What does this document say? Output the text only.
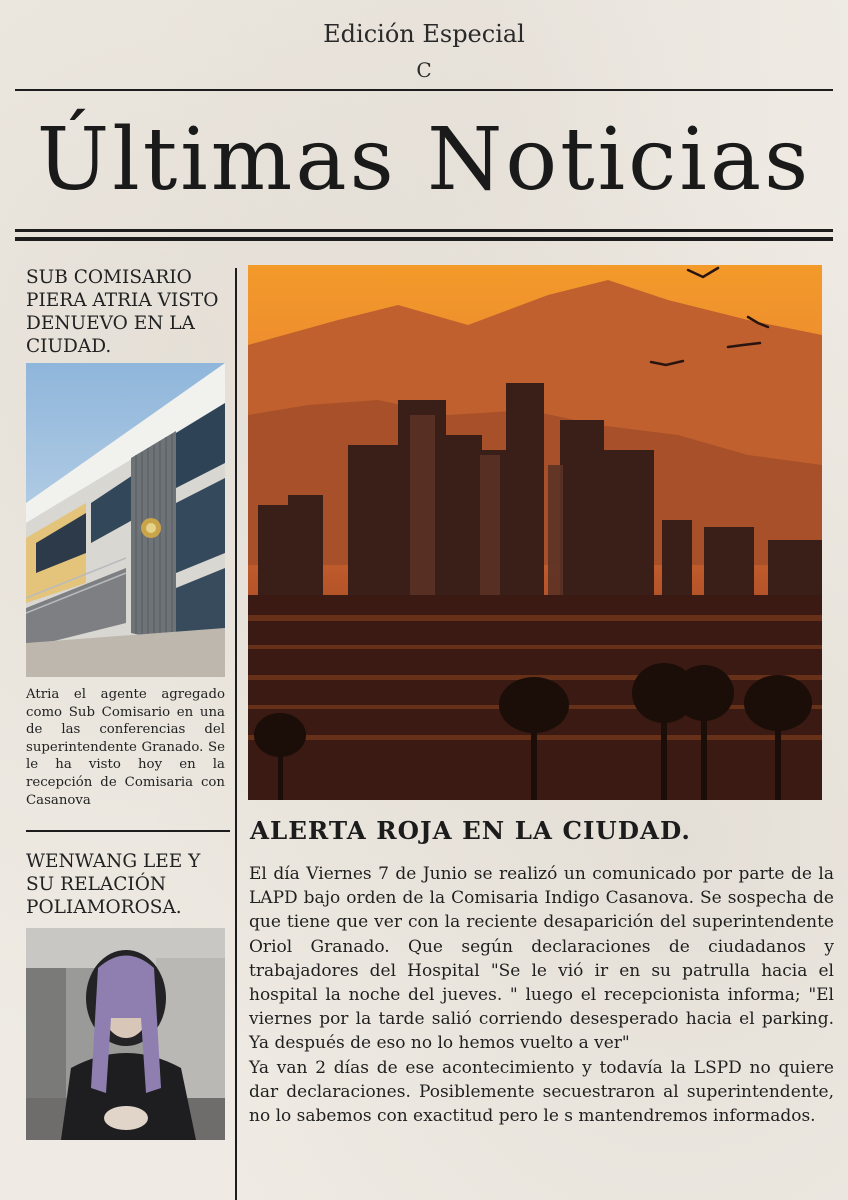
Edición Especial
C
Últimas Noticias
SUB COMISARIO PIERA ATRIA VISTO DENUEVO EN LA CIUDAD.

Atria el agente agregado como Sub Comisario en una de las conferencias del superintendente Granado. Se le ha visto hoy en la recepción de Comisaria con Casanova

WENWANG LEE Y SU RELACIÓN POLIAMOROSA.
ALERTA ROJA EN LA CIUDAD.

El día Viernes 7 de Junio se realizó un comunicado por parte de la LAPD bajo orden de la Comisaria Indigo Casanova. Se sospecha de que tiene que ver con la reciente desaparición del superintendente Oriol Granado. Que según declaraciones de ciudadanos y trabajadores del Hospital "Se le vió ir en su patrulla hacia el hospital la noche del jueves. " luego el recepcionista informa; "El viernes por la tarde salió corriendo desesperado hacia el parking. Ya después de eso no lo hemos vuelto a ver"

Ya van 2 días de ese acontecimiento y todavía la LSPD no quiere dar declaraciones. Posiblemente secuestraron al superintendente, no lo sabemos con exactitud pero le s mantendremos informados.
